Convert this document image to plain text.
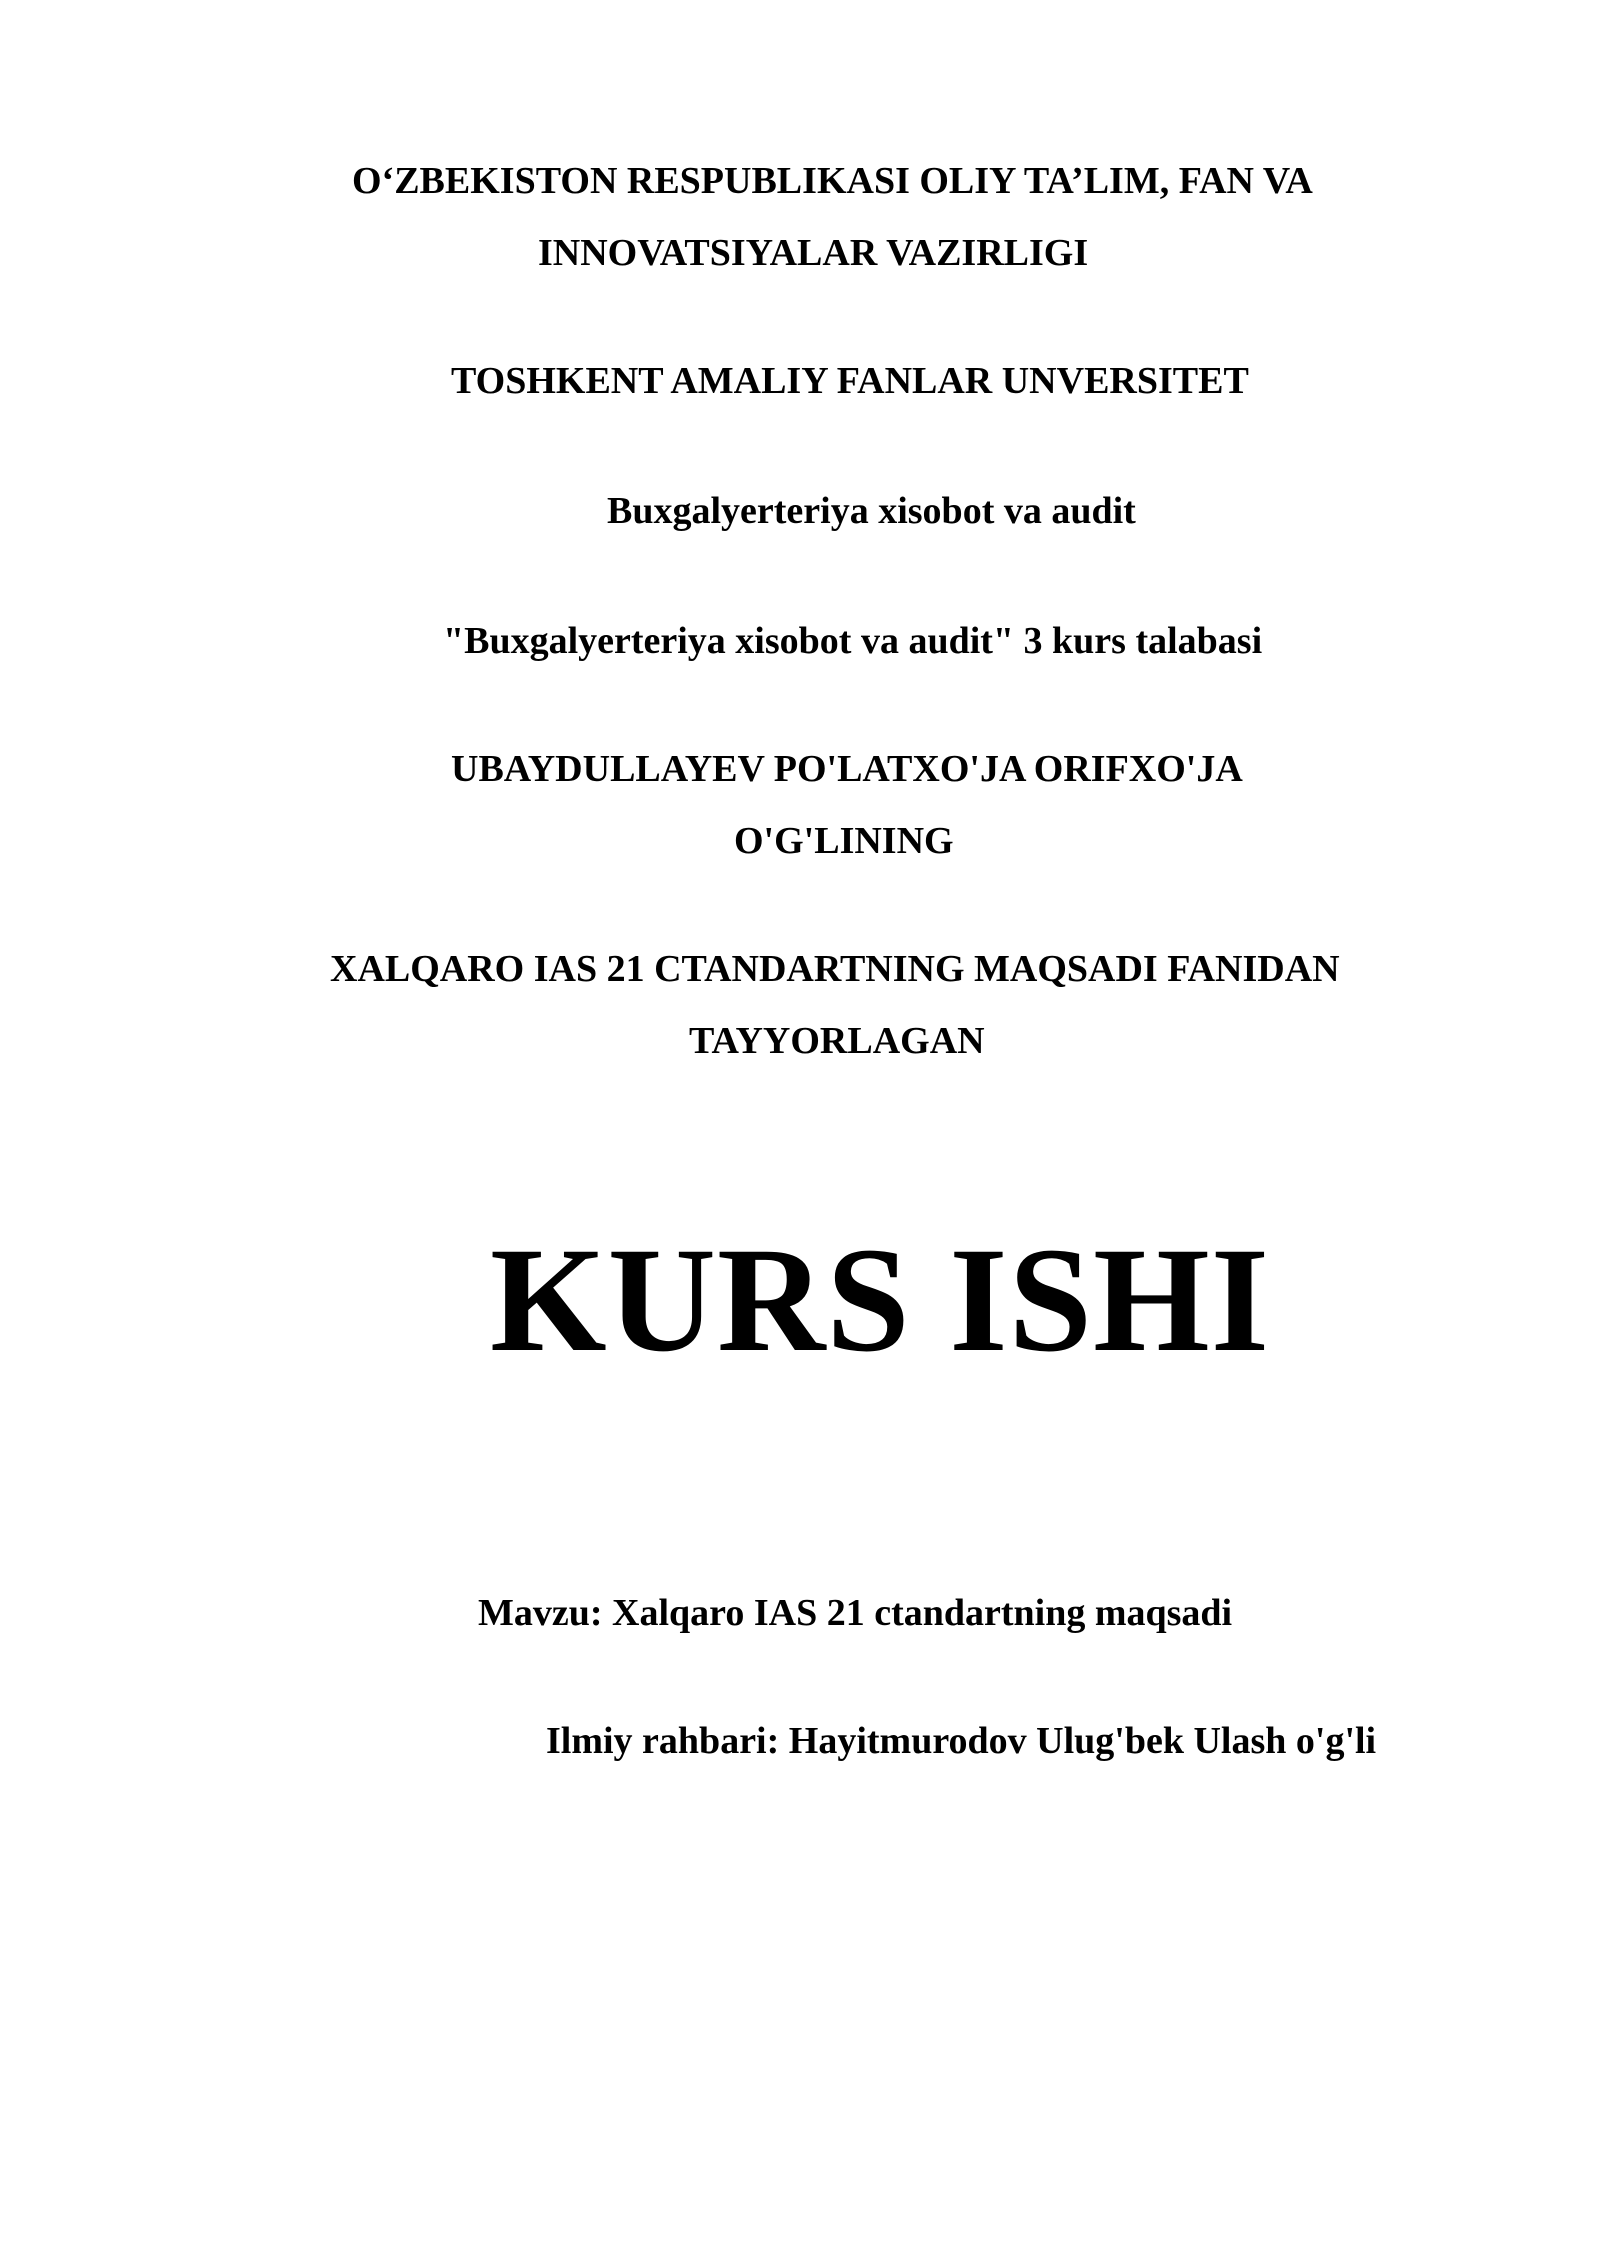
O‘ZBEKISTON RESPUBLIKASI OLIY TA’LIM, FAN VA
INNOVATSIYALAR VAZIRLIGI
TOSHKENT AMALIY FANLAR UNVERSITET
Buxgalyerteriya xisobot va audit
"Buxgalyerteriya xisobot va audit" 3 kurs talabasi
UBAYDULLAYEV PO'LATXO'JA ORIFXO'JA
O'G'LINING
XALQARO IAS 21 CTANDARTNING MAQSADI FANIDAN
TAYYORLAGAN
KURS ISHI
Mavzu: Xalqaro IAS 21 ctandartning maqsadi
Ilmiy rahbari: Hayitmurodov Ulug'bek Ulash o'g'li
